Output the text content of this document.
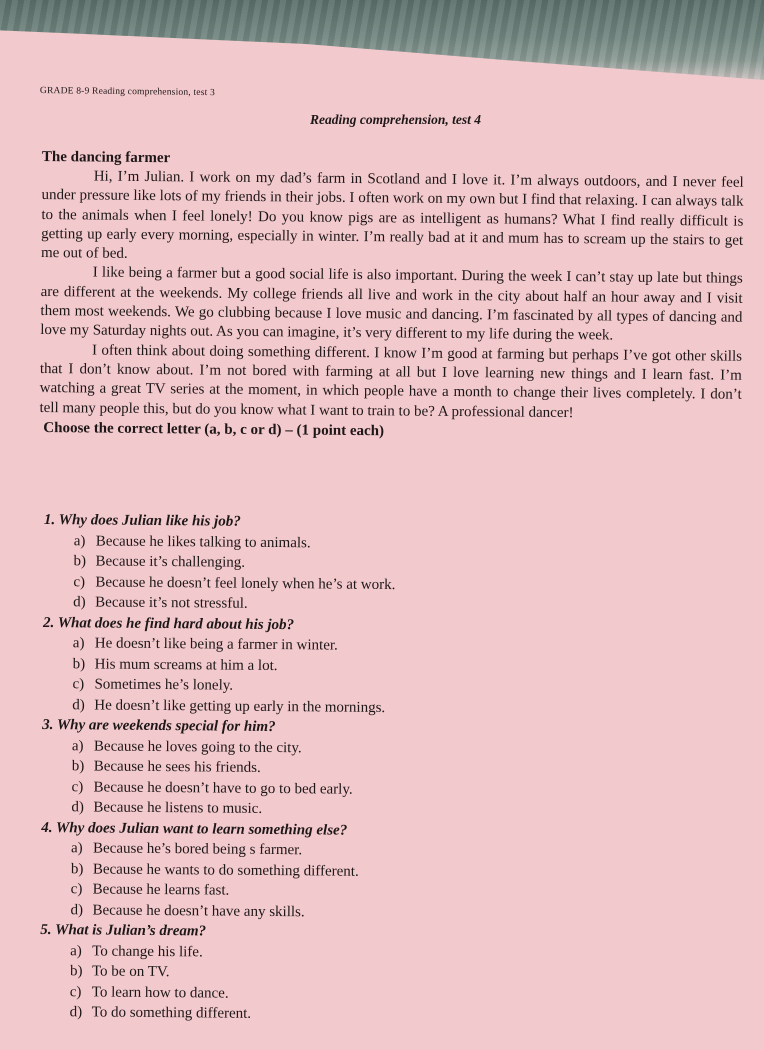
GRADE 8-9 Reading comprehension, test 3
Reading comprehension, test 4
The dancing farmer

Hi, I’m Julian. I work on my dad’s farm in Scotland and I love it. I’m always outdoors, and I never feel under pressure like lots of my friends in their jobs. I often work on my own but I find that relaxing. I can always talk to the animals when I feel lonely! Do you know pigs are as intelligent as humans? What I find really difficult is getting up early every morning, especially in winter. I’m really bad at it and mum has to scream up the stairs to get me out of bed.

I like being a farmer but a good social life is also important. During the week I can’t stay up late but things are different at the weekends. My college friends all live and work in the city about half an hour away and I visit them most weekends. We go clubbing because I love music and dancing. I’m fascinated by all types of dancing and love my Saturday nights out. As you can imagine, it’s very different to my life during the week.

I often think about doing something different. I know I’m good at farming but perhaps I’ve got other skills that I don’t know about. I’m not bored with farming at all but I love learning new things and I learn fast. I’m watching a great TV series at the moment, in which people have a month to change their lives completely. I don’t tell many people this, but do you know what I want to train to be? A professional dancer!

Choose the correct letter (a, b, c or d) – (1 point each)
1. Why does Julian like his job?
a) Because he likes talking to animals.
b) Because it’s challenging.
c) Because he doesn’t feel lonely when he’s at work.
d) Because it’s not stressful.
2. What does he find hard about his job?
a) He doesn’t like being a farmer in winter.
b) His mum screams at him a lot.
c) Sometimes he’s lonely.
d) He doesn’t like getting up early in the mornings.
3. Why are weekends special for him?
a) Because he loves going to the city.
b) Because he sees his friends.
c) Because he doesn’t have to go to bed early.
d) Because he listens to music.
4. Why does Julian want to learn something else?
a) Because he’s bored being s farmer.
b) Because he wants to do something different.
c) Because he learns fast.
d) Because he doesn’t have any skills.
5. What is Julian’s dream?
a) To change his life.
b) To be on TV.
c) To learn how to dance.
d) To do something different.
